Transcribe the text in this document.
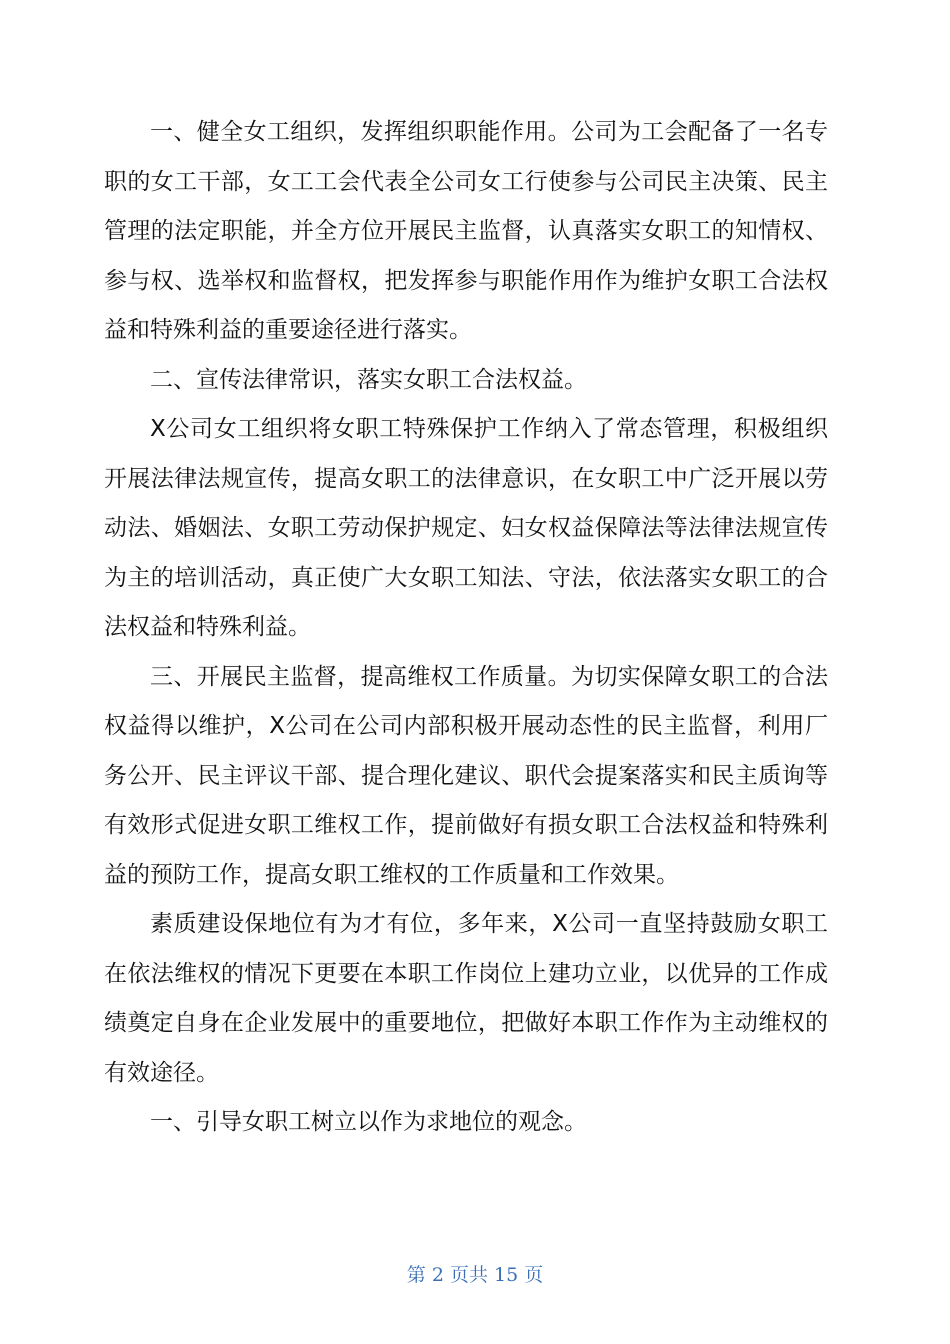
一、健全女工组织，发挥组织职能作用。公司为工会配备了一名专职的女工干部，女工工会代表全公司女工行使参与公司民主决策、民主管理的法定职能，并全方位开展民主监督，认真落实女职工的知情权、参与权、选举权和监督权，把发挥参与职能作用作为维护女职工合法权益和特殊利益的重要途径进行落实。

二、宣传法律常识，落实女职工合法权益。

X公司女工组织将女职工特殊保护工作纳入了常态管理，积极组织开展法律法规宣传，提高女职工的法律意识，在女职工中广泛开展以劳动法、婚姻法、女职工劳动保护规定、妇女权益保障法等法律法规宣传为主的培训活动，真正使广大女职工知法、守法，依法落实女职工的合法权益和特殊利益。

三、开展民主监督，提高维权工作质量。为切实保障女职工的合法权益得以维护，X公司在公司内部积极开展动态性的民主监督，利用厂务公开、民主评议干部、提合理化建议、职代会提案落实和民主质询等有效形式促进女职工维权工作，提前做好有损女职工合法权益和特殊利益的预防工作，提高女职工维权的工作质量和工作效果。

素质建设保地位有为才有位，多年来，X公司一直坚持鼓励女职工在依法维权的情况下更要在本职工作岗位上建功立业，以优异的工作成绩奠定自身在企业发展中的重要地位，把做好本职工作作为主动维权的有效途径。

一、引导女职工树立以作为求地位的观念。

第 2 页共 15 页
